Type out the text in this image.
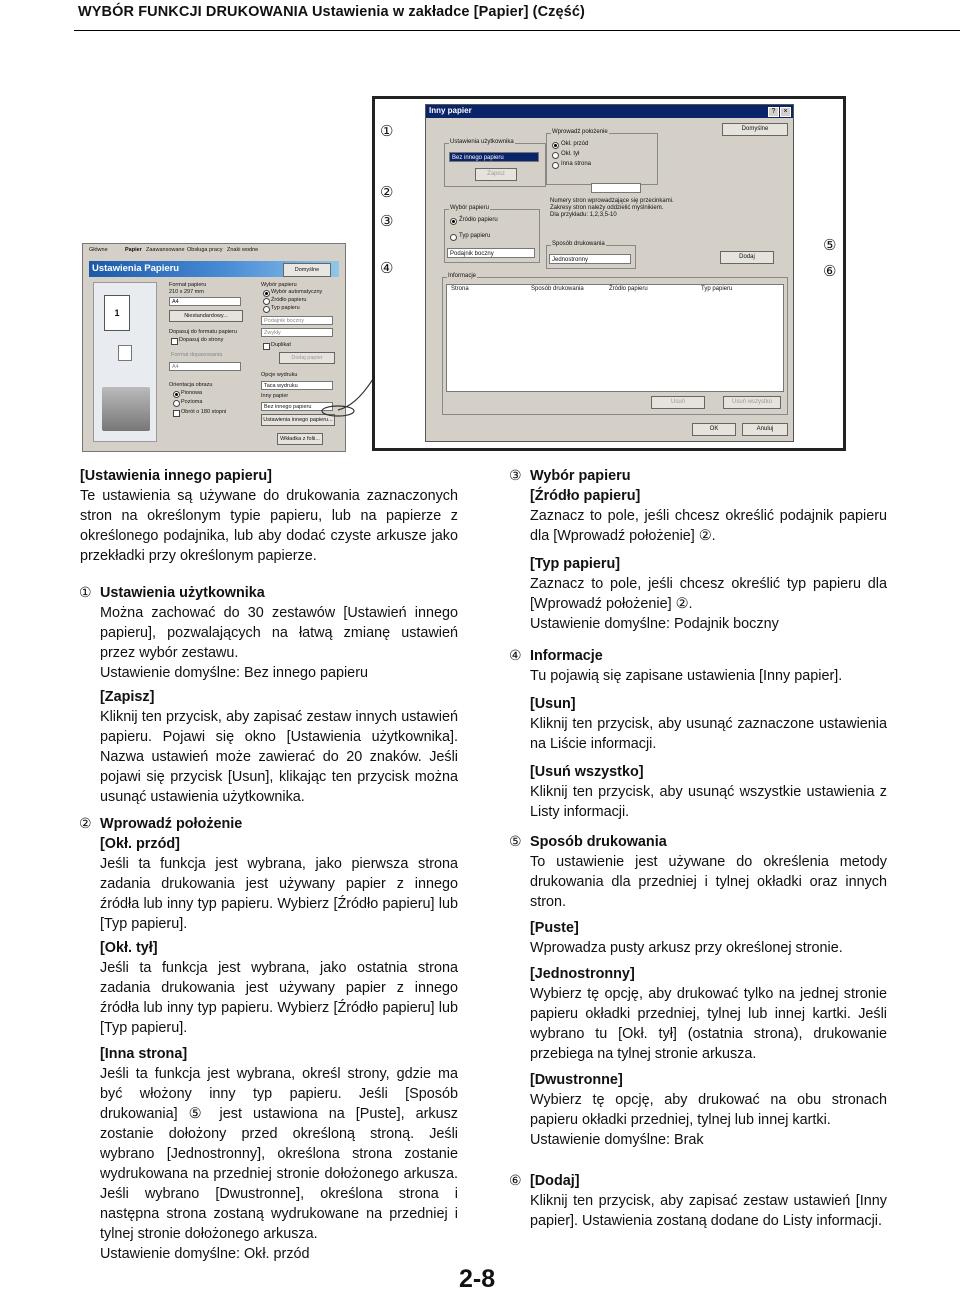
WYBÓR FUNKCJI DRUKOWANIA Ustawienia w zakładce [Papier] (Część)
Główne	Papier Zaawansowane Obsługa pracy Znaki wodne
Ustawienia Papieru	Domyślne
1
Format papieru
210 x 297 mm
A4
Niestandardowy...
Dopasuj do formatu papieru
Dopasuj do strony
Format dopasowania
A4
Orientacja obrazu
Pionowa
Pozioma
Obrót o 180 stopni
Wybór papieru
Wybór automatyczny
Źródło papieru
Typ papieru
Podajnik boczny
Zwykły
Duplikat
Dodaj papier
Opcje wydruku
Taca wydruku
Inny papier
Bez innego papieru
Ustawienia innego papieru...
Wkładka z folii...
Inny papier	?	×
Ustawienia użytkownika
Bez innego papieru
Zapisz
Domyślne
Wprowadź położenie
Okł. przód
Okł. tył
Inna strona
Numery stron wprowadzające się przecinkami.
Zakresy stron należy oddzielić myślnikiem.
Dla przykładu: 1,2,3,5-10
Wybór papieru
Źródło papieru
Typ papieru
Podajnik boczny
Sposób drukowania
Jednostronny	Dodaj
Informacje
Strona	Sposób drukowania	Źródło papieru	Typ papieru
Usuń	Usuń wszystko
OK	Anuluj
①
②
③
④
⑤
⑥

[Ustawienia innego papieru]

Te ustawienia są używane do drukowania zaznaczonych stron na określonym typie papieru, lub na papierze z określonego podajnika, lub aby dodać czyste arkusze jako przekładki przy określonym papierze.

① Ustawienia użytkownika

Można zachować do 30 zestawów [Ustawień innego papieru], pozwalających na łatwą zmianę ustawień przez wybór zestawu.

Ustawienie domyślne: Bez innego papieru

[Zapisz]

Kliknij ten przycisk, aby zapisać zestaw innych ustawień papieru. Pojawi się okno [Ustawienia użytkownika]. Nazwa ustawień może zawierać do 20 znaków. Jeśli pojawi się przycisk [Usun], klikając ten przycisk można usunąć ustawienia użytkownika.

② Wprowadź położenie

[Okł. przód]

Jeśli ta funkcja jest wybrana, jako pierwsza strona zadania drukowania jest używany papier z innego źródła lub inny typ papieru. Wybierz [Źródło papieru] lub [Typ papieru].

[Okł. tył]

Jeśli ta funkcja jest wybrana, jako ostatnia strona zadania drukowania jest używany papier z innego źródła lub inny typ papieru. Wybierz [Źródło papieru] lub [Typ papieru].

[Inna strona]

Jeśli ta funkcja jest wybrana, określ strony, gdzie ma być włożony inny typ papieru. Jeśli [Sposób drukowania] ⑤ jest ustawiona na [Puste], arkusz zostanie dołożony przed określoną stroną. Jeśli wybrano [Jednostronny], określona strona zostanie wydrukowana na przedniej stronie dołożonego arkusza. Jeśli wybrano [Dwustronne], określona strona i następna strona zostaną wydrukowane na przedniej i tylnej stronie dołożonego arkusza.

Ustawienie domyślne: Okł. przód

③ Wybór papieru

[Źródło papieru]

Zaznacz to pole, jeśli chcesz określić podajnik papieru dla [Wprowadź położenie] ②.

[Typ papieru]

Zaznacz to pole, jeśli chcesz określić typ papieru dla [Wprowadź położenie] ②.

Ustawienie domyślne: Podajnik boczny

④ Informacje

Tu pojawią się zapisane ustawienia [Inny papier].

[Usun]

Kliknij ten przycisk, aby usunąć zaznaczone ustawienia na Liście informacji.

[Usuń wszystko]

Kliknij ten przycisk, aby usunąć wszystkie ustawienia z Listy informacji.

⑤ Sposób drukowania

To ustawienie jest używane do określenia metody drukowania dla przedniej i tylnej okładki oraz innych stron.

[Puste]

Wprowadza pusty arkusz przy określonej stronie.

[Jednostronny]

Wybierz tę opcję, aby drukować tylko na jednej stronie papieru okładki przedniej, tylnej lub innej kartki. Jeśli wybrano tu [Okł. tył] (ostatnia strona), drukowanie przebiega na tylnej stronie arkusza.

[Dwustronne]

Wybierz tę opcję, aby drukować na obu stronach papieru okładki przedniej, tylnej lub innej kartki.

Ustawienie domyślne: Brak

⑥ [Dodaj]

Kliknij ten przycisk, aby zapisać zestaw ustawień [Inny papier]. Ustawienia zostaną dodane do Listy informacji.

2-8
